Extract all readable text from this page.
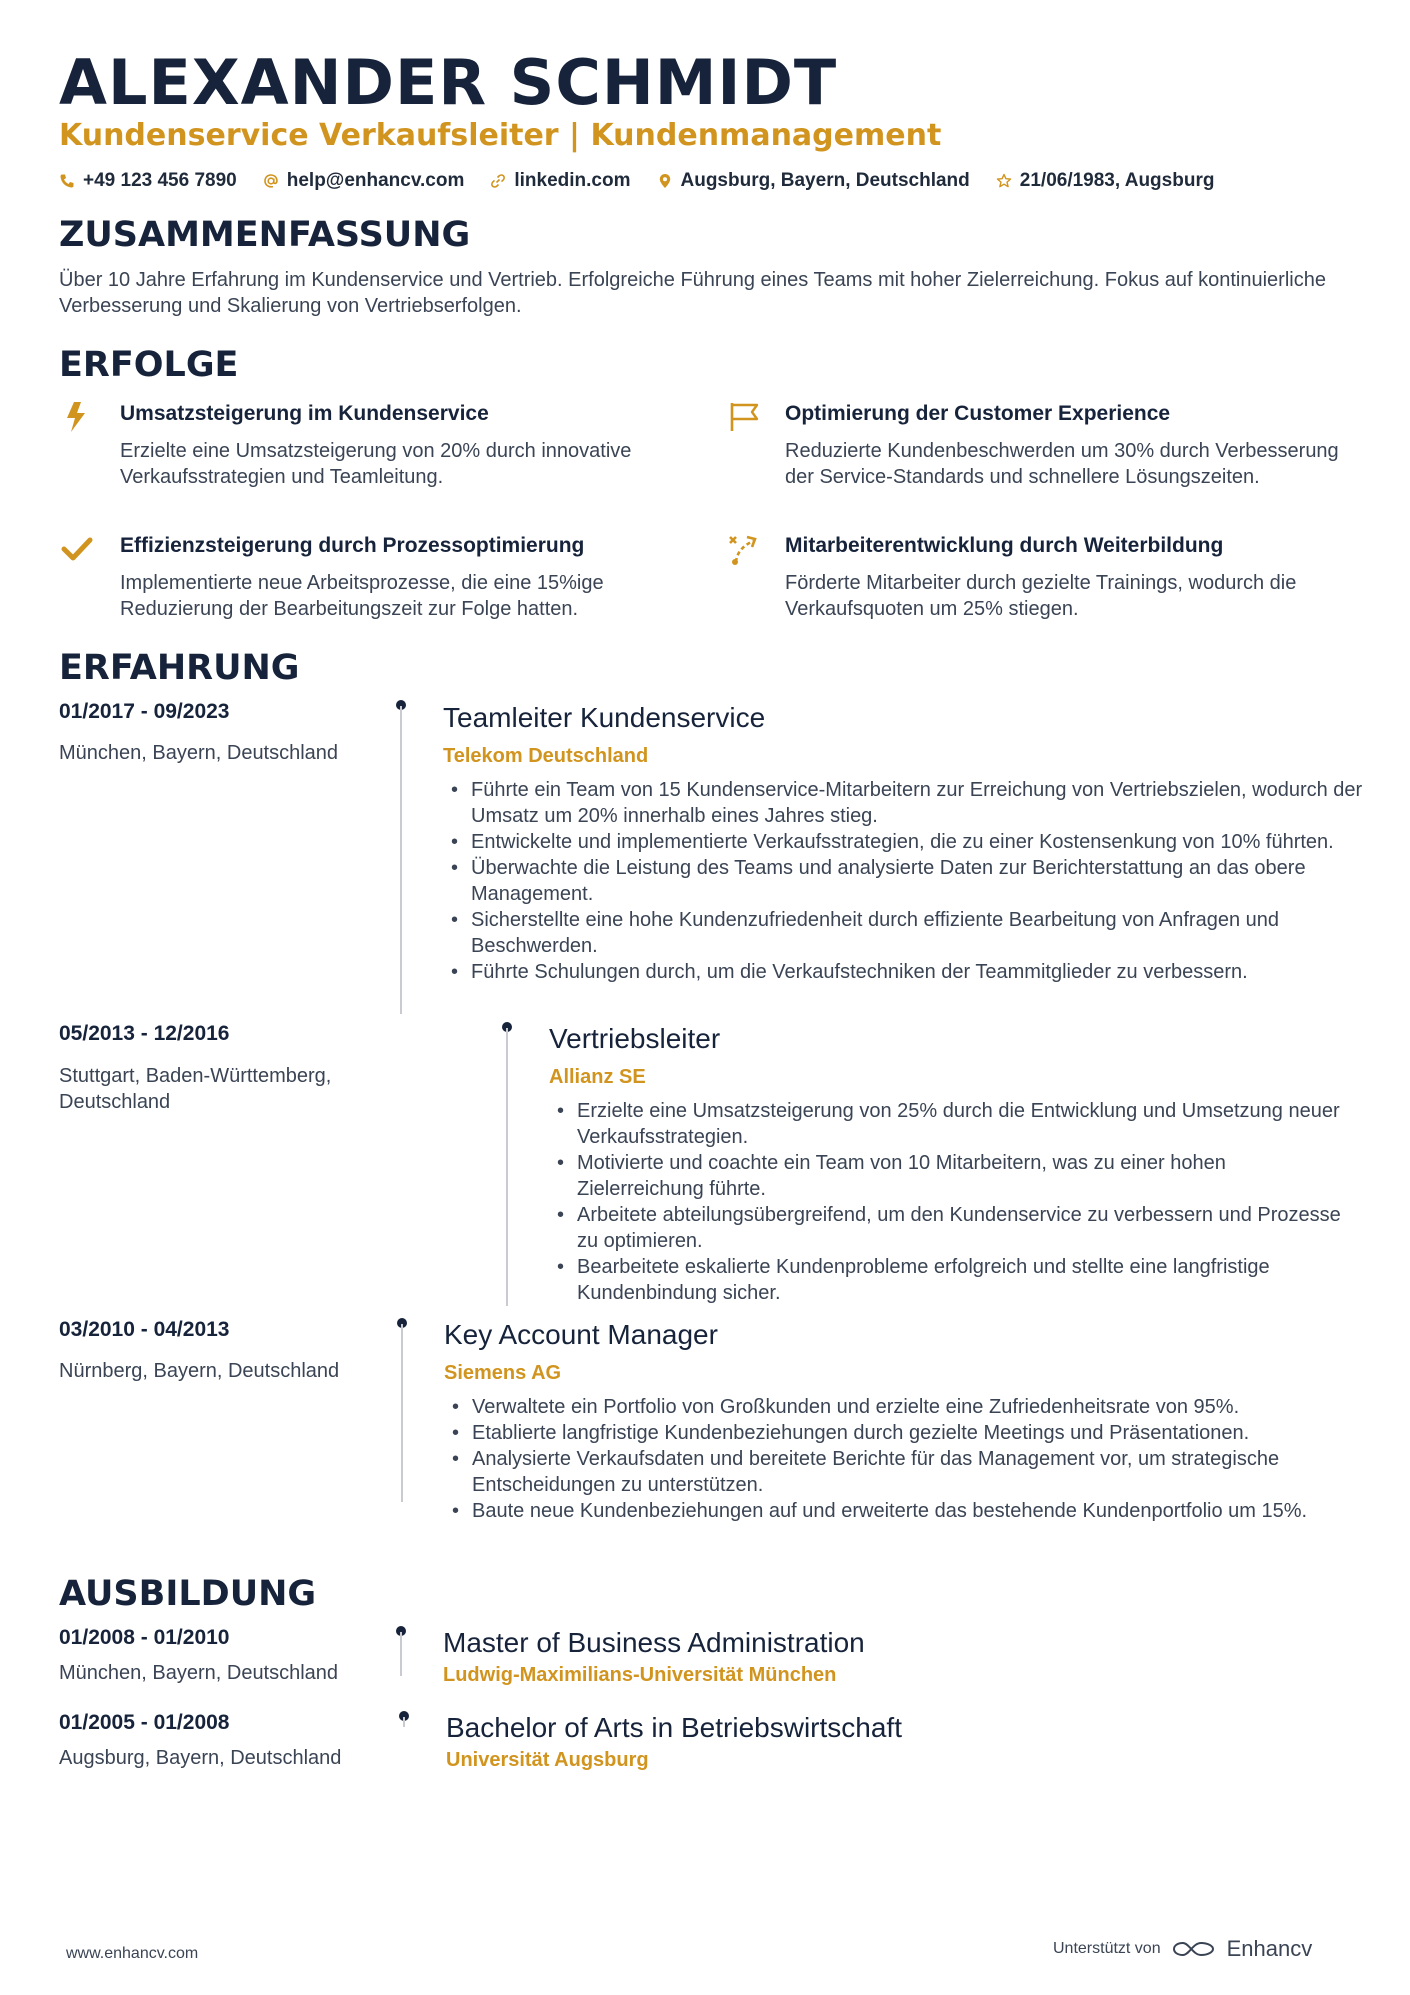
ALEXANDER SCHMIDT
Kundenservice Verkaufsleiter | Kundenmanagement
+49 123 456 7890	help@enhancv.com	linkedin.com	Augsburg, Bayern, Deutschland	21/06/1983, Augsburg
ZUSAMMENFASSUNG
Über 10 Jahre Erfahrung im Kundenservice und Vertrieb. Erfolgreiche Führung eines Teams mit hoher Zielerreichung. Fokus auf kontinuierliche Verbesserung und Skalierung von Vertriebserfolgen.
ERFOLGE
Umsatzsteigerung im Kundenservice
Erzielte eine Umsatzsteigerung von 20% durch innovative Verkaufsstrategien und Teamleitung.
Optimierung der Customer Experience
Reduzierte Kundenbeschwerden um 30% durch Verbesserung der Service-Standards und schnellere Lösungszeiten.
Effizienzsteigerung durch Prozessoptimierung
Implementierte neue Arbeitsprozesse, die eine 15%ige Reduzierung der Bearbeitungszeit zur Folge hatten.
Mitarbeiterentwicklung durch Weiterbildung
Förderte Mitarbeiter durch gezielte Trainings, wodurch die Verkaufsquoten um 25% stiegen.
ERFAHRUNG
01/2017 - 09/2023
München, Bayern, Deutschland
Teamleiter Kundenservice
Telekom Deutschland
• Führte ein Team von 15 Kundenservice-Mitarbeitern zur Erreichung von Vertriebszielen, wodurch der Umsatz um 20% innerhalb eines Jahres stieg.
• Entwickelte und implementierte Verkaufsstrategien, die zu einer Kostensenkung von 10% führten.
• Überwachte die Leistung des Teams und analysierte Daten zur Berichterstattung an das obere Management.
• Sicherstellte eine hohe Kundenzufriedenheit durch effiziente Bearbeitung von Anfragen und Beschwerden.
• Führte Schulungen durch, um die Verkaufstechniken der Teammitglieder zu verbessern.
05/2013 - 12/2016
Stuttgart, Baden-Württemberg, Deutschland
Vertriebsleiter
Allianz SE
• Erzielte eine Umsatzsteigerung von 25% durch die Entwicklung und Umsetzung neuer Verkaufsstrategien.
• Motivierte und coachte ein Team von 10 Mitarbeitern, was zu einer hohen Zielerreichung führte.
• Arbeitete abteilungsübergreifend, um den Kundenservice zu verbessern und Prozesse zu optimieren.
• Bearbeitete eskalierte Kundenprobleme erfolgreich und stellte eine langfristige Kundenbindung sicher.
03/2010 - 04/2013
Nürnberg, Bayern, Deutschland
Key Account Manager
Siemens AG
• Verwaltete ein Portfolio von Großkunden und erzielte eine Zufriedenheitsrate von 95%.
• Etablierte langfristige Kundenbeziehungen durch gezielte Meetings und Präsentationen.
• Analysierte Verkaufsdaten und bereitete Berichte für das Management vor, um strategische Entscheidungen zu unterstützen.
• Baute neue Kundenbeziehungen auf und erweiterte das bestehende Kundenportfolio um 15%.
AUSBILDUNG
01/2008 - 01/2010
München, Bayern, Deutschland
Master of Business Administration
Ludwig-Maximilians-Universität München
01/2005 - 01/2008
Augsburg, Bayern, Deutschland
Bachelor of Arts in Betriebswirtschaft
Universität Augsburg
www.enhancv.com	Unterstützt von	Enhancv
